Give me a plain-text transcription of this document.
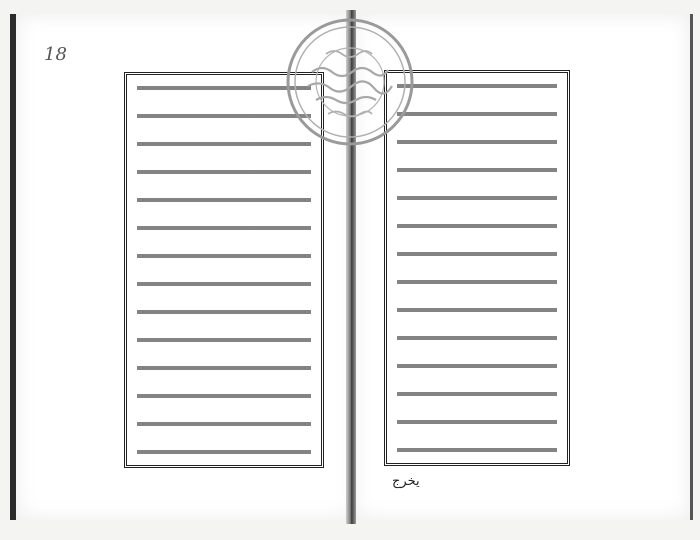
18
يخرج
